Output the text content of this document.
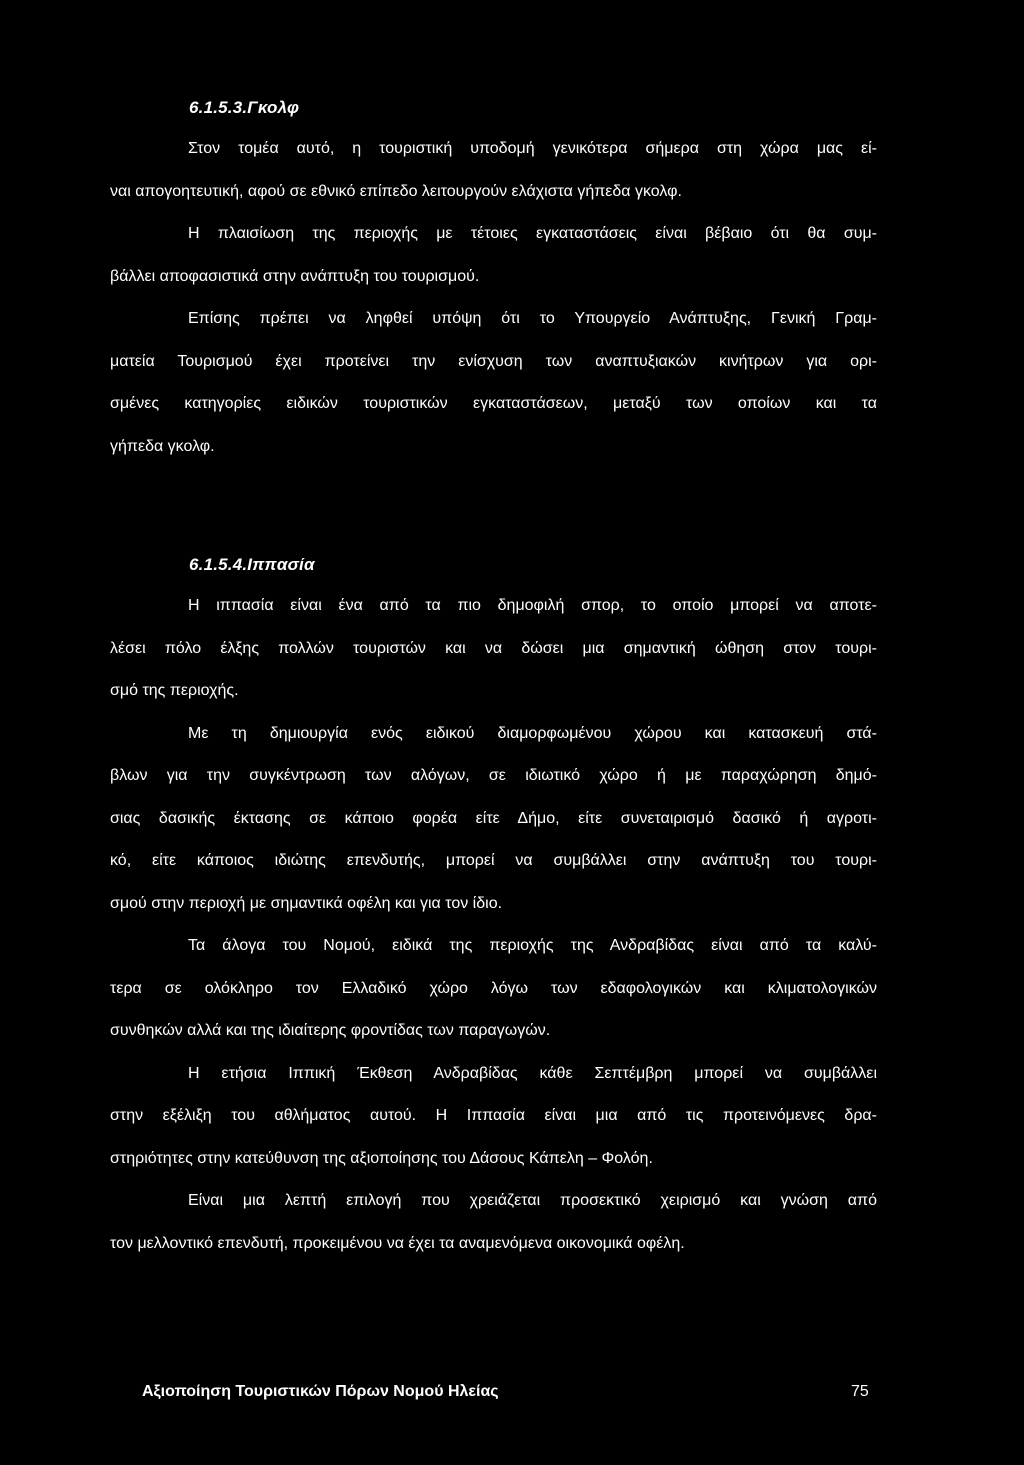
6.1.5.3.Γκολφ
Στον τομέα αυτό, η τουριστική υποδομή γενικότερα σήμερα στη χώρα μας εί-
ναι απογοητευτική, αφού σε εθνικό επίπεδο λειτουργούν ελάχιστα γήπεδα γκολφ.
Η πλαισίωση της περιοχής με τέτοιες εγκαταστάσεις είναι βέβαιο ότι θα συμ-
βάλλει αποφασιστικά στην ανάπτυξη του τουρισμού.
Επίσης πρέπει να ληφθεί υπόψη ότι το Υπουργείο Ανάπτυξης, Γενική Γραμ-
ματεία Τουρισμού έχει προτείνει την ενίσχυση των αναπτυξιακών κινήτρων για ορι-
σμένες κατηγορίες ειδικών τουριστικών εγκαταστάσεων, μεταξύ των οποίων και τα
γήπεδα γκολφ.
6.1.5.4.Ιππασία
Η ιππασία είναι ένα από τα πιο δημοφιλή σπορ, το οποίο μπορεί να αποτε-
λέσει πόλο έλξης πολλών τουριστών και να δώσει μια σημαντική ώθηση στον τουρι-
σμό της περιοχής.
Με τη δημιουργία ενός ειδικού διαμορφωμένου χώρου και κατασκευή στά-
βλων για την συγκέντρωση των αλόγων, σε ιδιωτικό χώρο ή με παραχώρηση δημό-
σιας δασικής έκτασης σε κάποιο φορέα είτε Δήμο, είτε συνεταιρισμό δασικό ή αγροτι-
κό, είτε κάποιος ιδιώτης επενδυτής, μπορεί να συμβάλλει στην ανάπτυξη του τουρι-
σμού στην περιοχή με σημαντικά οφέλη και για τον ίδιο.
Τα άλογα του Νομού, ειδικά της περιοχής της Ανδραβίδας είναι από τα καλύ-
τερα σε ολόκληρο τον Ελλαδικό χώρο λόγω των εδαφολογικών και κλιματολογικών
συνθηκών αλλά και της ιδιαίτερης φροντίδας των παραγωγών.
Η ετήσια Ιππική Έκθεση Ανδραβίδας κάθε Σεπτέμβρη μπορεί να συμβάλλει
στην εξέλιξη του αθλήματος αυτού. Η Ιππασία είναι μια από τις προτεινόμενες δρα-
στηριότητες στην κατεύθυνση της αξιοποίησης του Δάσους Κάπελη – Φολόη.
Είναι μια λεπτή επιλογή που χρειάζεται προσεκτικό χειρισμό και γνώση από
τον μελλοντικό επενδυτή, προκειμένου να έχει τα αναμενόμενα οικονομικά οφέλη.
Αξιοποίηση Τουριστικών Πόρων Νομού Ηλείας	75
